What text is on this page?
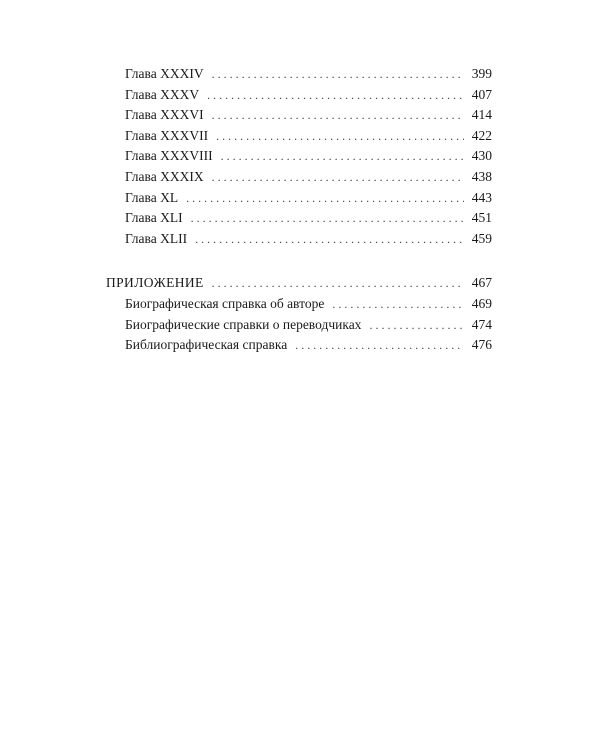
Глава XXXIV . . .	399
Глава XXXV . . .	407
Глава XXXVI . . .	414
Глава XXXVII . . .	422
Глава XXXVIII . . .	430
Глава XXXIX . . .	438
Глава XL . . .	443
Глава XLI . . .	451
Глава XLII . . .	459
ПРИЛОЖЕНИЕ . . .	467
Биографическая справка об авторе . . .	469
Биографические справки о переводчиках . . .	474
Библиографическая справка . . .	476
